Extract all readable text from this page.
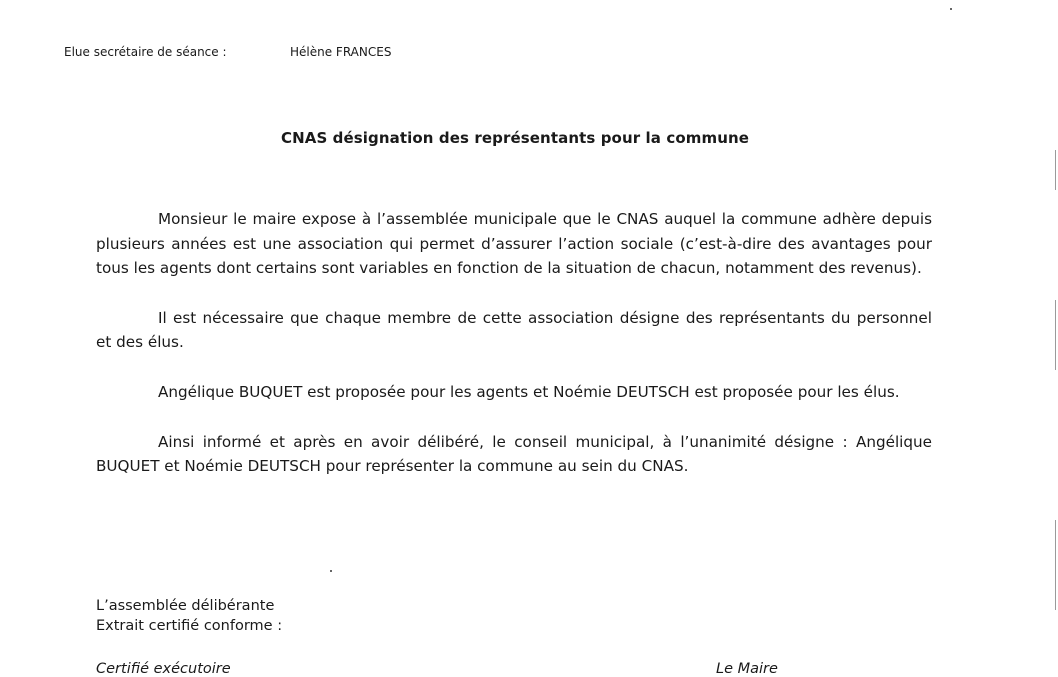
Elue secrétaire de séance :	Hélène FRANCES
CNAS désignation des représentants pour la commune

Monsieur le maire expose à l’assemblée municipale que le CNAS auquel la commune adhère depuis plusieurs années est une association qui permet d’assurer l’action sociale (c’est-à-dire des avantages pour tous les agents dont certains sont variables en fonction de la situation de chacun, notamment des revenus).

Il est nécessaire que chaque membre de cette association désigne des représentants du personnel et des élus.

Angélique BUQUET est proposée pour les agents et Noémie DEUTSCH est proposée pour les élus.

Ainsi informé et après en avoir délibéré, le conseil municipal, à l’unanimité désigne : Angélique BUQUET et Noémie DEUTSCH pour représenter la commune au sein du CNAS.

L’assemblée délibérante
Extrait certifié conforme :
Certifié exécutoire	Le Maire
